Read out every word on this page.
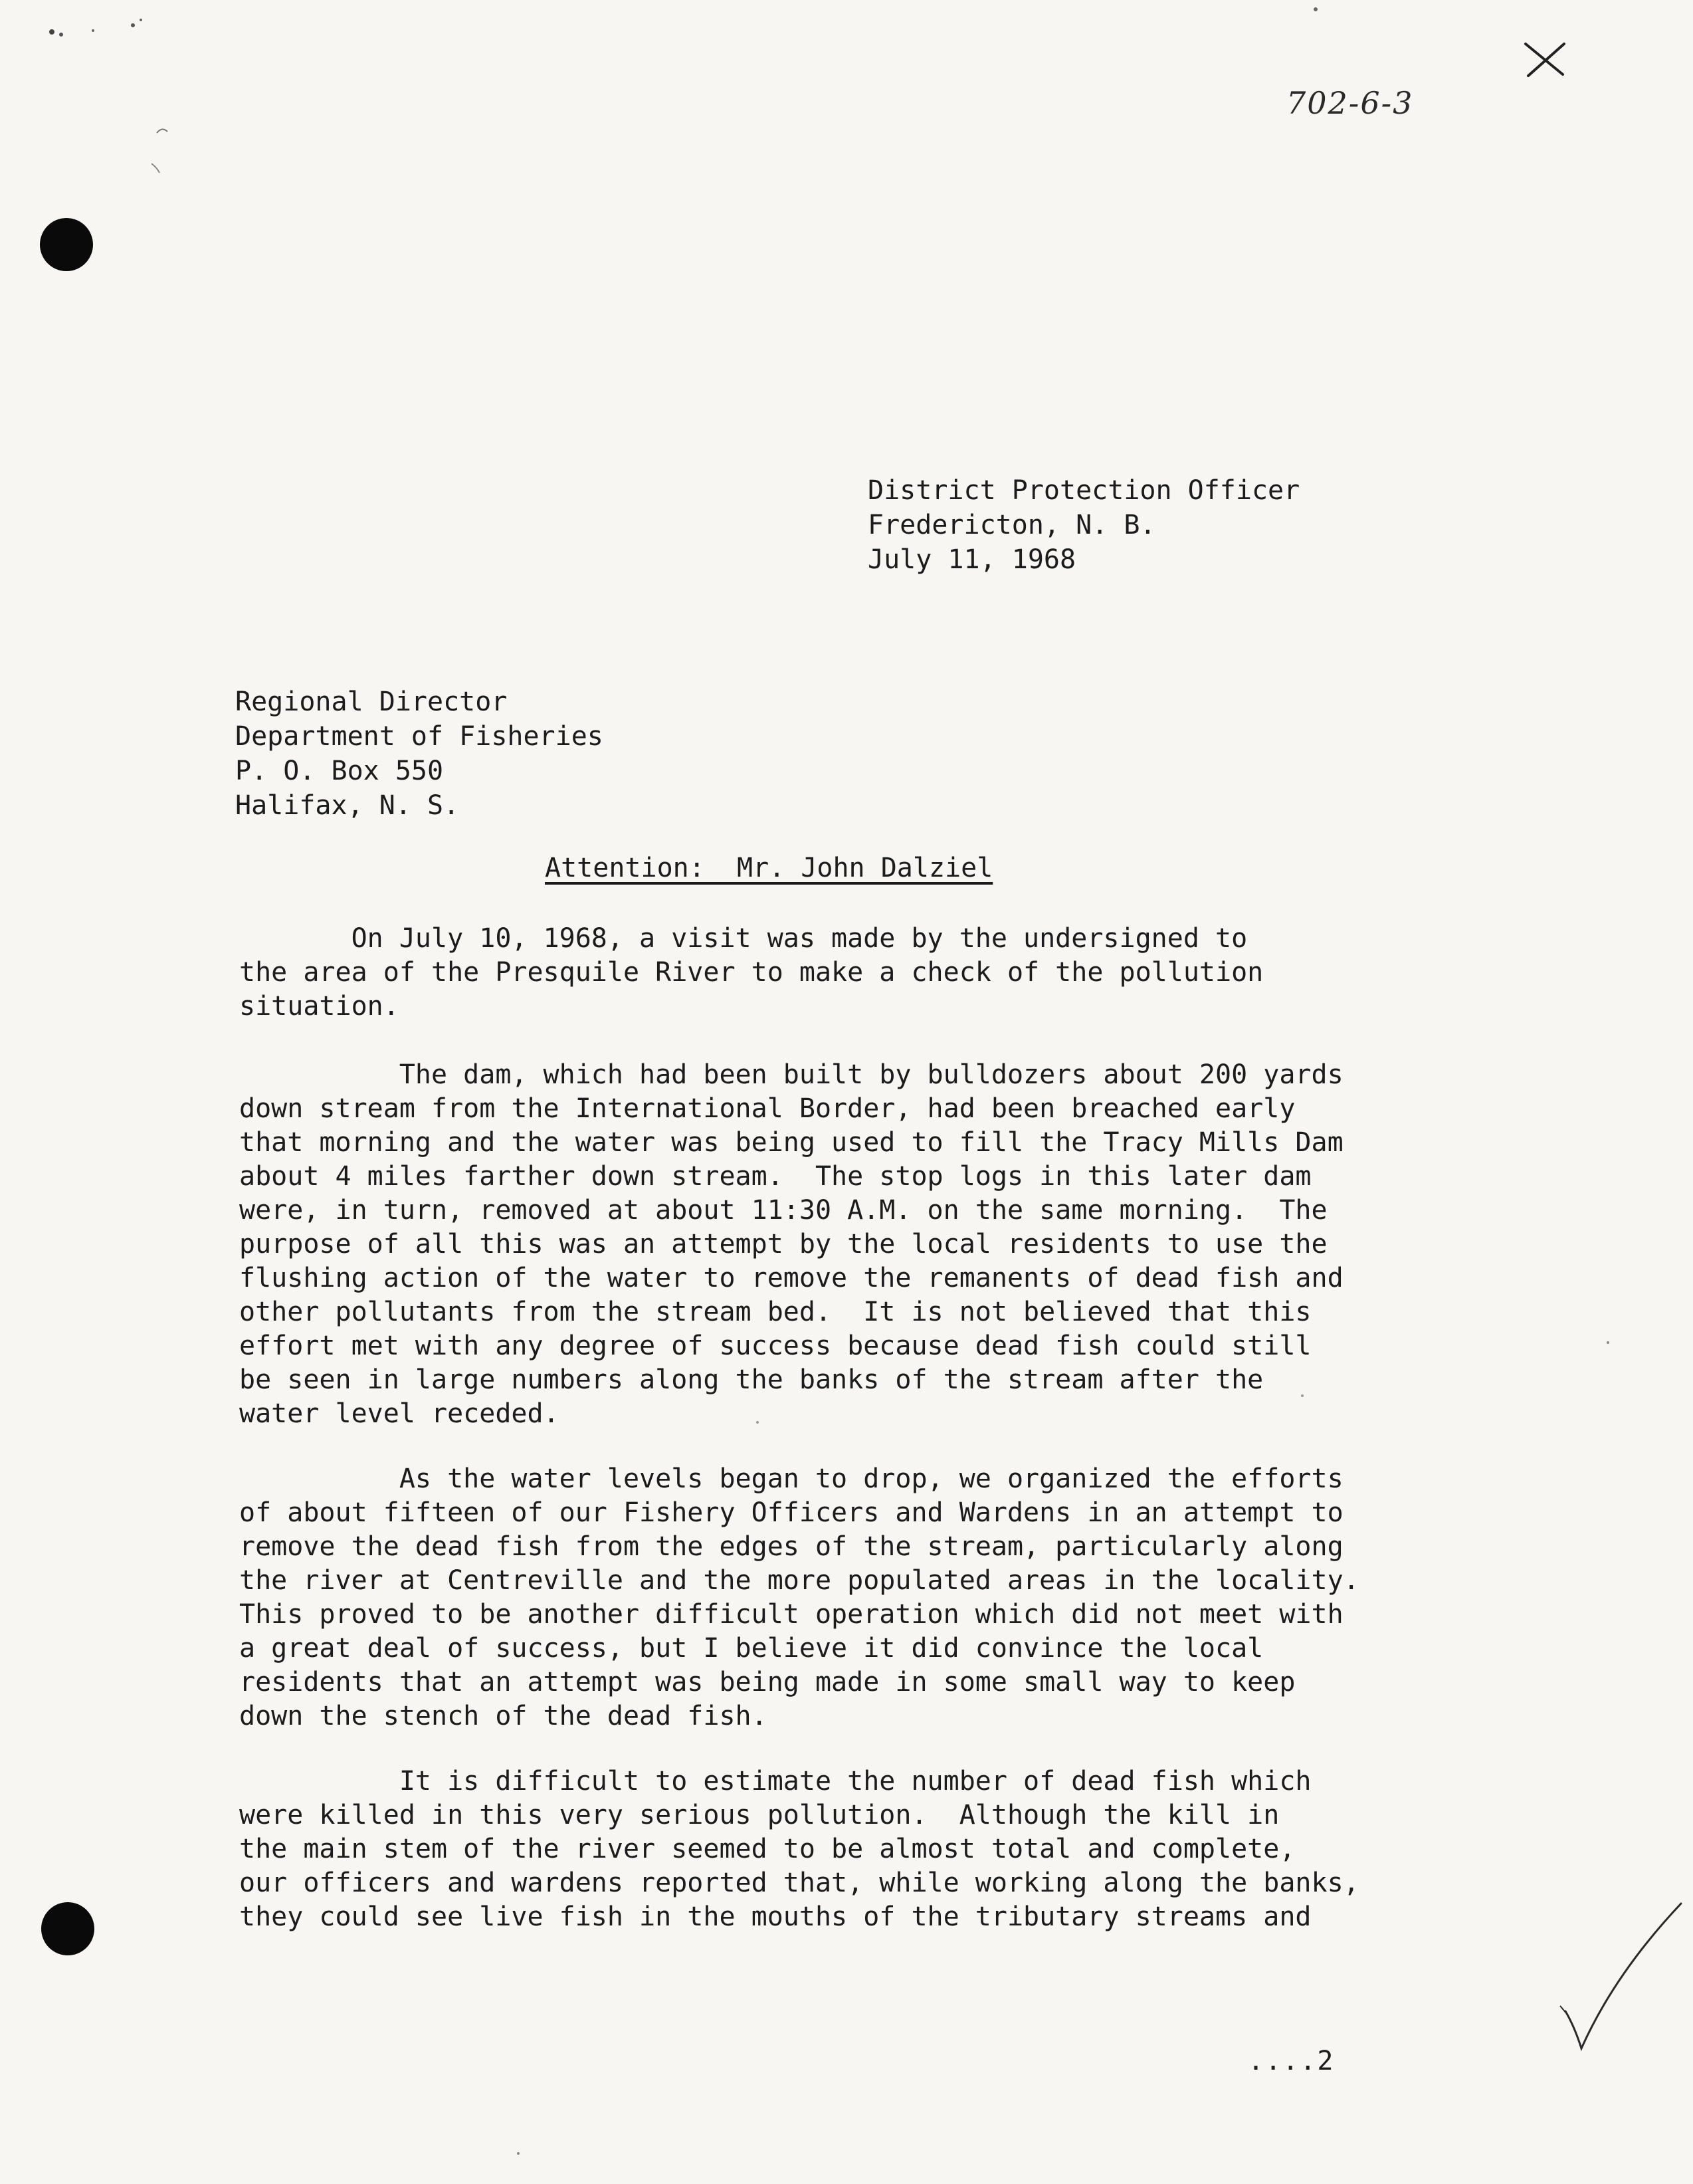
702-6-3
District Protection Officer
Fredericton, N. B.
July 11, 1968
Regional Director
Department of Fisheries
P. O. Box 550
Halifax, N. S.
Attention:  Mr. John Dalziel
On July 10, 1968, a visit was made by the undersigned to
the area of the Presquile River to make a check of the pollution
situation.
The dam, which had been built by bulldozers about 200 yards
down stream from the International Border, had been breached early
that morning and the water was being used to fill the Tracy Mills Dam
about 4 miles farther down stream.  The stop logs in this later dam
were, in turn, removed at about 11:30 A.M. on the same morning.  The
purpose of all this was an attempt by the local residents to use the
flushing action of the water to remove the remanents of dead fish and
other pollutants from the stream bed.  It is not believed that this
effort met with any degree of success because dead fish could still
be seen in large numbers along the banks of the stream after the
water level receded.
As the water levels began to drop, we organized the efforts
of about fifteen of our Fishery Officers and Wardens in an attempt to
remove the dead fish from the edges of the stream, particularly along
the river at Centreville and the more populated areas in the locality.
This proved to be another difficult operation which did not meet with
a great deal of success, but I believe it did convince the local
residents that an attempt was being made in some small way to keep
down the stench of the dead fish.
It is difficult to estimate the number of dead fish which
were killed in this very serious pollution.  Although the kill in
the main stem of the river seemed to be almost total and complete,
our officers and wardens reported that, while working along the banks,
they could see live fish in the mouths of the tributary streams and
....2
